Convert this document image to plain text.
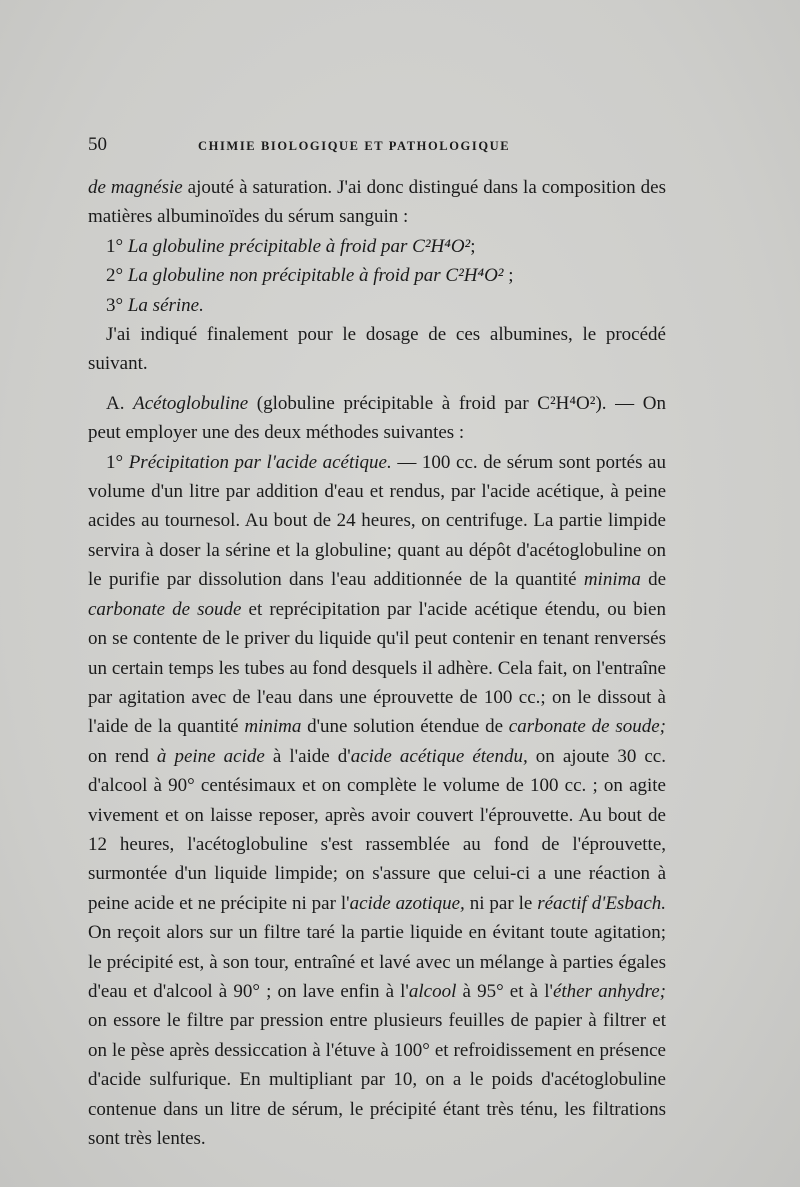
50	CHIMIE BIOLOGIQUE ET PATHOLOGIQUE

de magnésie ajouté à saturation. J'ai donc distingué dans la composition des matières albuminoïdes du sérum sanguin :

1° La globuline précipitable à froid par C²H⁴O²;
2° La globuline non précipitable à froid par C²H⁴O² ;
3° La sérine.

J'ai indiqué finalement pour le dosage de ces albumines, le procédé suivant.

A. Acétoglobuline (globuline précipitable à froid par C²H⁴O²). — On peut employer une des deux méthodes suivantes :

1° Précipitation par l'acide acétique. — 100 cc. de sérum sont portés au volume d'un litre par addition d'eau et rendus, par l'acide acétique, à peine acides au tournesol. Au bout de 24 heures, on centrifuge. La partie limpide servira à doser la sérine et la globuline; quant au dépôt d'acétoglobuline on le purifie par dissolution dans l'eau additionnée de la quantité minima de carbonate de soude et reprécipitation par l'acide acétique étendu, ou bien on se contente de le priver du liquide qu'il peut contenir en tenant renversés un certain temps les tubes au fond desquels il adhère. Cela fait, on l'entraîne par agitation avec de l'eau dans une éprouvette de 100 cc.; on le dissout à l'aide de la quantité minima d'une solution étendue de carbonate de soude; on rend à peine acide à l'aide d'acide acétique étendu, on ajoute 30 cc. d'alcool à 90° centésimaux et on complète le volume de 100 cc. ; on agite vivement et on laisse reposer, après avoir couvert l'éprouvette. Au bout de 12 heures, l'acétoglobuline s'est rassemblée au fond de l'éprouvette, surmontée d'un liquide limpide; on s'assure que celui-ci a une réaction à peine acide et ne précipite ni par l'acide azotique, ni par le réactif d'Esbach. On reçoit alors sur un filtre taré la partie liquide en évitant toute agitation; le précipité est, à son tour, entraîné et lavé avec un mélange à parties égales d'eau et d'alcool à 90° ; on lave enfin à l'alcool à 95° et à l'éther anhydre; on essore le filtre par pression entre plusieurs feuilles de papier à filtrer et on le pèse après dessiccation à l'étuve à 100° et refroidissement en présence d'acide sulfurique. En multipliant par 10, on a le poids d'acétoglobuline contenue dans un litre de sérum, le précipité étant très ténu, les filtrations sont très lentes.
